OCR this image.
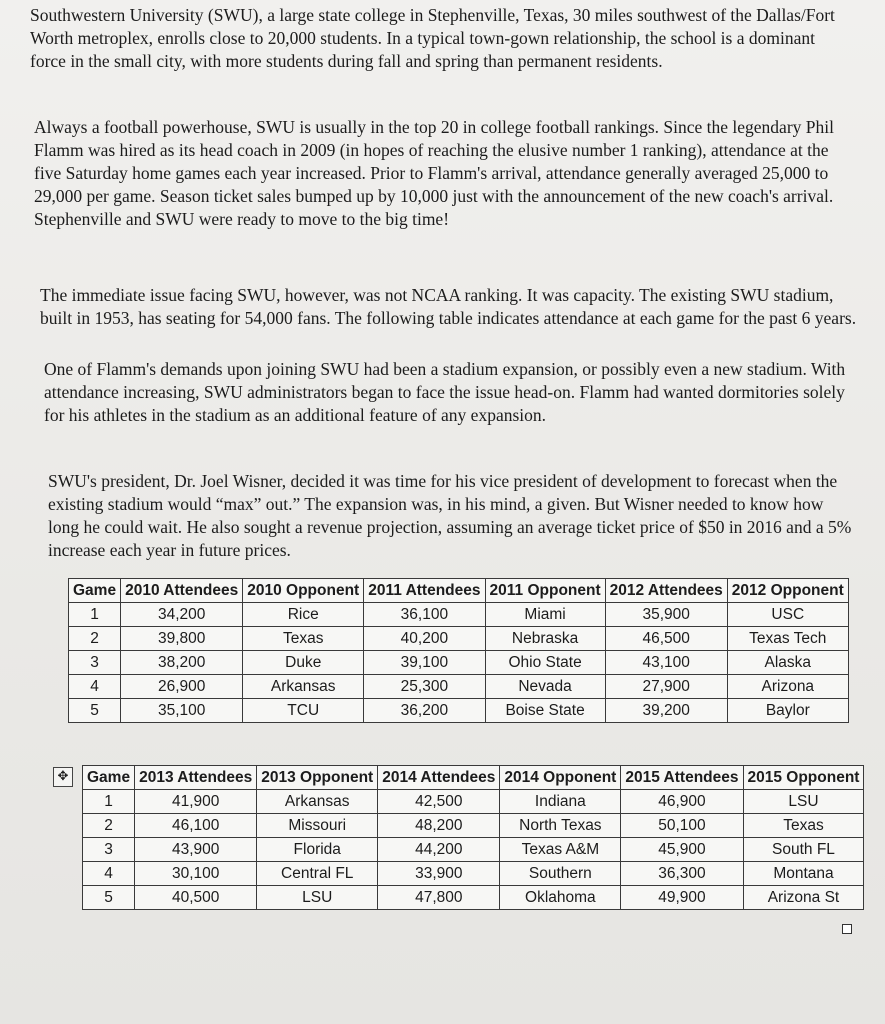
Southwestern University (SWU), a large state college in Stephenville, Texas, 30 miles southwest of the Dallas/Fort Worth metroplex, enrolls close to 20,000 students. In a typical town-gown relationship, the school is a dominant force in the small city, with more students during fall and spring than permanent residents.

Always a football powerhouse, SWU is usually in the top 20 in college football rankings. Since the legendary Phil Flamm was hired as its head coach in 2009 (in hopes of reaching the elusive number 1 ranking), attendance at the five Saturday home games each year increased. Prior to Flamm's arrival, attendance generally averaged 25,000 to 29,000 per game. Season ticket sales bumped up by 10,000 just with the announcement of the new coach's arrival. Stephenville and SWU were ready to move to the big time!

The immediate issue facing SWU, however, was not NCAA ranking. It was capacity. The existing SWU stadium, built in 1953, has seating for 54,000 fans. The following table indicates attendance at each game for the past 6 years.

One of Flamm's demands upon joining SWU had been a stadium expansion, or possibly even a new stadium. With attendance increasing, SWU administrators began to face the issue head-on. Flamm had wanted dormitories solely for his athletes in the stadium as an additional feature of any expansion.

SWU's president, Dr. Joel Wisner, decided it was time for his vice president of development to forecast when the existing stadium would “max” out.” The expansion was, in his mind, a given. But Wisner needed to know how long he could wait. He also sought a revenue projection, assuming an average ticket price of $50 in 2016 and a 5% increase each year in future prices.

Game	2010 Attendees	2010 Opponent	2011 Attendees	2011 Opponent	2012 Attendees	2012 Opponent
1	34,200	Rice	36,100	Miami	35,900	USC
2	39,800	Texas	40,200	Nebraska	46,500	Texas Tech
3	38,200	Duke	39,100	Ohio State	43,100	Alaska
4	26,900	Arkansas	25,300	Nevada	27,900	Arizona
5	35,100	TCU	36,200	Boise State	39,200	Baylor
✥ Game	2013 Attendees	2013 Opponent	2014 Attendees	2014 Opponent	2015 Attendees	2015 Opponent
1	41,900	Arkansas	42,500	Indiana	46,900	LSU
2	46,100	Missouri	48,200	North Texas	50,100	Texas
3	43,900	Florida	44,200	Texas A&M	45,900	South FL
4	30,100	Central FL	33,900	Southern	36,300	Montana
5	40,500	LSU	47,800	Oklahoma	49,900	Arizona St
